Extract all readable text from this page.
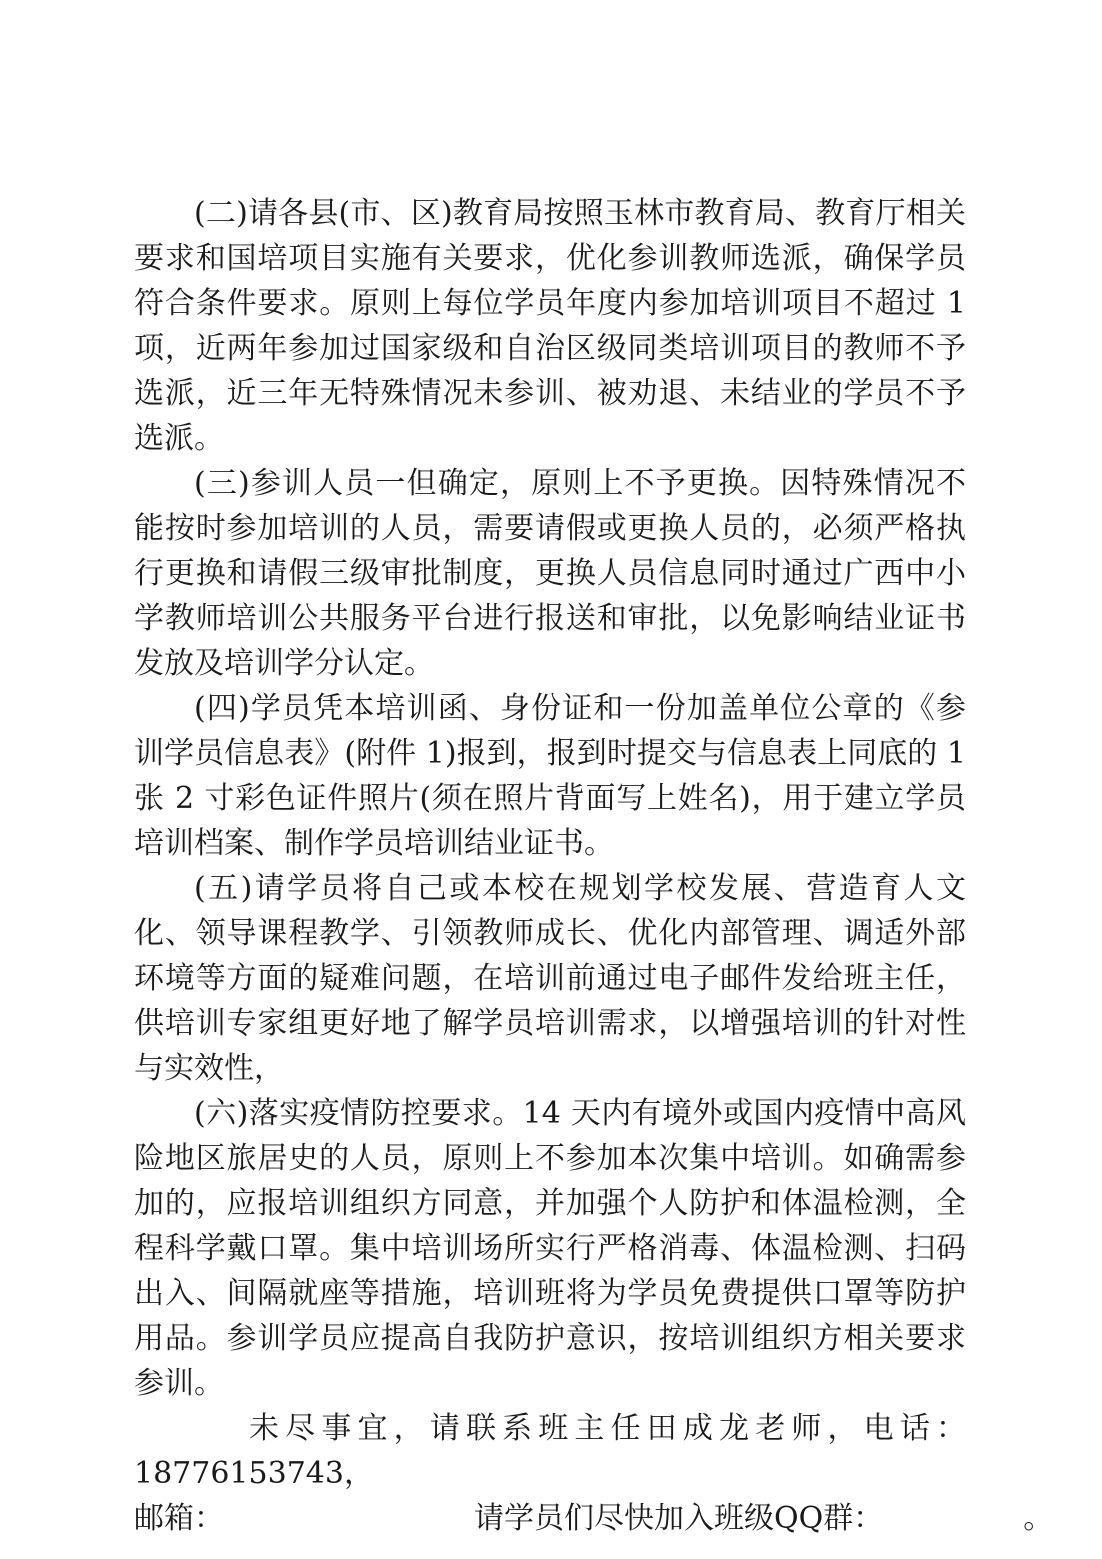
(二)请各县(市、区)教育局按照玉林市教育局、教育厅相关要求和国培项目实施有关要求，优化参训教师选派，确保学员符合条件要求。原则上每位学员年度内参加培训项目不超过 1 项，近两年参加过国家级和自治区级同类培训项目的教师不予选派，近三年无特殊情况未参训、被劝退、未结业的学员不予选派。

(三)参训人员一但确定，原则上不予更换。因特殊情况不能按时参加培训的人员，需要请假或更换人员的，必须严格执行更换和请假三级审批制度，更换人员信息同时通过广西中小学教师培训公共服务平台进行报送和审批，以免影响结业证书发放及培训学分认定。

(四)学员凭本培训函、身份证和一份加盖单位公章的《参训学员信息表》(附件 1)报到，报到时提交与信息表上同底的 1 张 2 寸彩色证件照片(须在照片背面写上姓名)，用于建立学员培训档案、制作学员培训结业证书。

(五)请学员将自己或本校在规划学校发展、营造育人文化、领导课程教学、引领教师成长、优化内部管理、调适外部环境等方面的疑难问题，在培训前通过电子邮件发给班主任，供培训专家组更好地了解学员培训需求，以增强培训的针对性与实效性，

(六)落实疫情防控要求。14 天内有境外或国内疫情中高风险地区旅居史的人员，原则上不参加本次集中培训。如确需参加的，应报培训组织方同意，并加强个人防护和体温检测，全程科学戴口罩。集中培训场所实行严格消毒、体温检测、扫码出入、间隔就座等措施，培训班将为学员免费提供口罩等防护用品。参训学员应提高自我防护意识，按培训组织方相关要求参训。

未尽事宜，请联系班主任田成龙老师，电话：18776153743，

邮箱：	请学员们尽快加入班级QQ群：	。
